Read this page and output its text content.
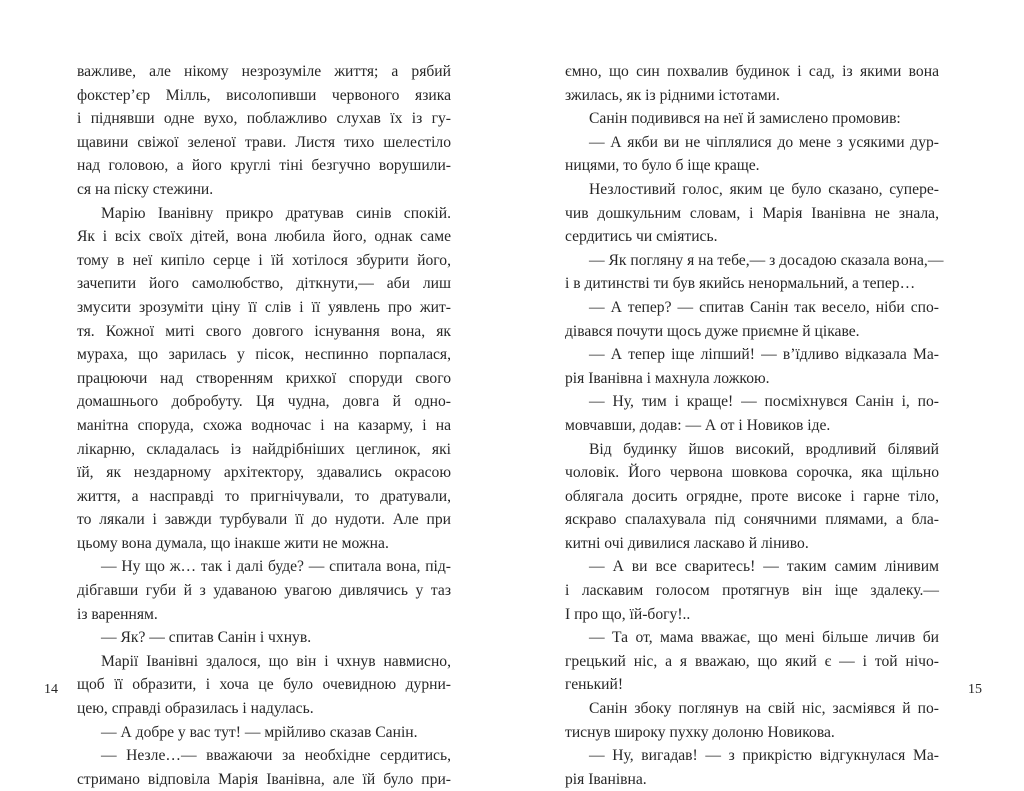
важливе, але нікому незрозуміле життя; а рябий
фокстер’єр Мілль, висолопивши червоного язика
і піднявши одне вухо, поблажливо слухав їх із гу-
щавини свіжої зеленої трави. Листя тихо шелестіло
над головою, а його круглі тіні безгучно ворушили-
ся на піску стежини.
Марію Іванівну прикро дратував синів спокій.
Як і всіх своїх дітей, вона любила його, однак саме
тому в неї кипіло серце і їй хотілося збурити його,
зачепити його самолюбство, діткнути,— аби лиш
змусити зрозуміти ціну її слів і її уявлень про жит-
тя. Кожної миті свого довгого існування вона, як
мураха, що зарилась у пісок, неспинно порпалася,
працюючи над створенням крихкої споруди свого
домашнього добробуту. Ця чудна, довга й одно-
манітна споруда, схожа водночас і на казарму, і на
лікарню, складалась із найдрібніших цеглинок, які
їй, як нездарному архітектору, здавались окрасою
життя, а насправді то пригнічували, то дратували,
то лякали і завжди турбували її до нудоти. Але при
цьому вона думала, що інакше жити не можна.
— Ну що ж… так і далі буде? — спитала вона, під-
дібгавши губи й з удаваною увагою дивлячись у таз
із варенням.
— Як? — спитав Санін і чхнув.
Марії Іванівні здалося, що він і чхнув навмисно,
щоб її образити, і хоча це було очевидною дурни-
цею, справді образилась і надулась.
— А добре у вас тут! — мрійливо сказав Санін.
— Незле…— вважаючи за необхідне сердитись,
стримано відповіла Марія Іванівна, але їй було при-
ємно, що син похвалив будинок і сад, із якими вона
зжилась, як із рідними істотами.
Санін подивився на неї й замислено промовив:
— А якби ви не чіплялися до мене з усякими дур-
ницями, то було б іще краще.
Незлостивий голос, яким це було сказано, супере-
чив дошкульним словам, і Марія Іванівна не знала,
сердитись чи сміятись.
— Як погляну я на тебе,— з досадою сказала вона,—
і в дитинстві ти був якийсь ненормальний, а тепер…
— А тепер? — спитав Санін так весело, ніби спо-
дівався почути щось дуже приємне й цікаве.
— А тепер іще ліпший! — в’їдливо відказала Ма-
рія Іванівна і махнула ложкою.
— Ну, тим і краще! — посміхнувся Санін і, по-
мовчавши, додав: — А от і Новиков іде.
Від будинку йшов високий, вродливий білявий
чоловік. Його червона шовкова сорочка, яка щільно
облягала досить огрядне, проте високе і гарне тіло,
яскраво спалахувала під сонячними плямами, а бла-
китні очі дивилися ласкаво й ліниво.
— А ви все сваритесь! — таким самим лінивим
і ласкавим голосом протягнув він іще здалеку.—
І про що, їй-богу!..
— Та от, мама вважає, що мені більше личив би
грецький ніс, а я вважаю, що який є — і той нічо-
генький!
Санін збоку поглянув на свій ніс, засміявся й по-
тиснув широку пухку долоню Новикова.
— Ну, вигадав! — з прикрістю відгукнулася Ма-
рія Іванівна.
14	15
